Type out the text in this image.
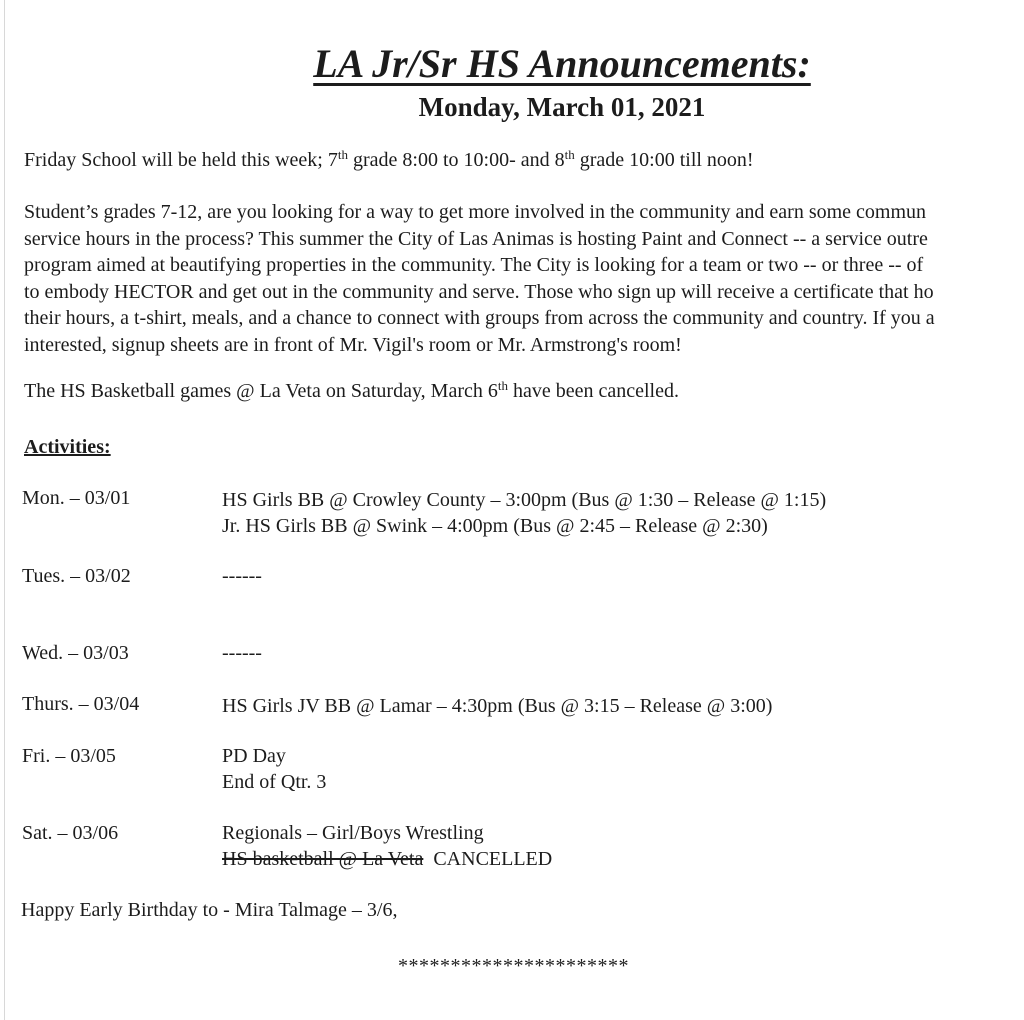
LA Jr/Sr HS Announcements:
Monday, March 01, 2021
Friday School will be held this week; 7th grade 8:00 to 10:00- and 8th grade 10:00 till noon!
Student’s grades 7-12, are you looking for a way to get more involved in the community and earn some commun
service hours in the process? This summer the City of Las Animas is hosting Paint and Connect -- a service outre
program aimed at beautifying properties in the community. The City is looking for a team or two -- or three -- of
to embody HECTOR and get out in the community and serve. Those who sign up will receive a certificate that ho
their hours, a t-shirt, meals, and a chance to connect with groups from across the community and country. If you a
interested, signup sheets are in front of Mr. Vigil's room or Mr. Armstrong's room!
The HS Basketball games @ La Veta on Saturday, March 6th have been cancelled.
Activities:
Mon. – 03/01	HS Girls BB @ Crowley County – 3:00pm (Bus @ 1:30 – Release @ 1:15)
Jr. HS Girls BB @ Swink – 4:00pm (Bus @ 2:45 – Release @ 2:30)
Tues. – 03/02	------
Wed. – 03/03	------
Thurs. – 03/04	HS Girls JV BB @ Lamar – 4:30pm (Bus @ 3:15 – Release @ 3:00)
Fri. – 03/05	PD Day
End of Qtr. 3
Sat. – 03/06	Regionals – Girl/Boys Wrestling
HS basketball @ La Veta  CANCELLED
Happy Early Birthday to - Mira Talmage – 3/6,
**********************
